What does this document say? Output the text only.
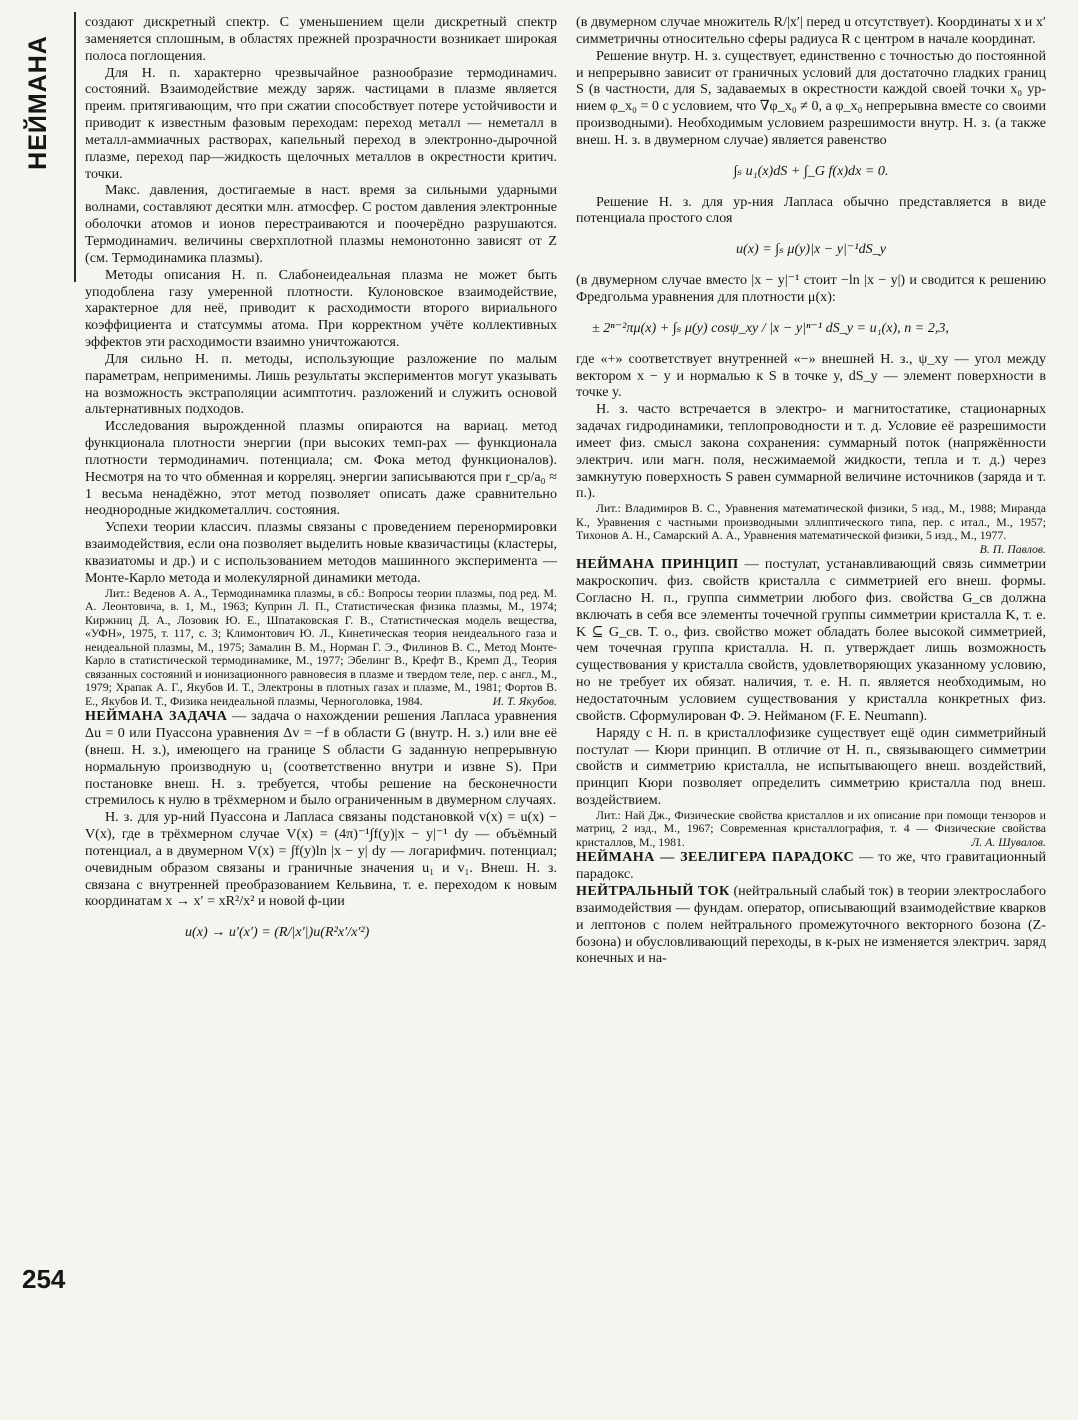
НЕЙМАНА
254

создают дискретный спектр. С уменьшением щели дискретный спектр заменяется сплошным, в областях прежней прозрачности возникает широкая полоса поглощения.

Для Н. п. характерно чрезвычайное разнообразие термодинамич. состояний. Взаимодействие между заряж. частицами в плазме является преим. притягивающим, что при сжатии способствует потере устойчивости и приводит к известным фазовым переходам: переход металл — неметалл в металл-аммиачных растворах, капельный переход в электронно-дырочной плазме, переход пар—жидкость щелочных металлов в окрестности критич. точки.

Макс. давления, достигаемые в наст. время за сильными ударными волнами, составляют десятки млн. атмосфер. С ростом давления электронные оболочки атомов и ионов перестраиваются и поочерёдно разрушаются. Термодинамич. величины сверхплотной плазмы немонотонно зависят от Z (см. Термодинамика плазмы).

Методы описания Н. п. Слабонеидеальная плазма не может быть уподоблена газу умеренной плотности. Кулоновское взаимодействие, характерное для неё, приводит к расходимости второго вириального коэффициента и статсуммы атома. При корректном учёте коллективных эффектов эти расходимости взаимно уничтожаются.

Для сильно Н. п. методы, использующие разложение по малым параметрам, неприменимы. Лишь результаты экспериментов могут указывать на возможность экстраполяции асимптотич. разложений и служить основой альтернативных подходов.

Исследования вырожденной плазмы опираются на вариац. метод функционала плотности энергии (при высоких темп-рах — функционала плотности термодинамич. потенциала; см. Фока метод функционалов). Несмотря на то что обменная и корреляц. энергии записываются при r_ср/a₀ ≈ 1 весьма ненадёжно, этот метод позволяет описать даже сравнительно неоднородные жидкометаллич. состояния.

Успехи теории классич. плазмы связаны с проведением перенормировки взаимодействия, если она позволяет выделить новые квазичастицы (кластеры, квазиатомы и др.) и с использованием методов машинного эксперимента — Монте-Карло метода и молекулярной динамики метода.

Лит.: Веденов А. А., Термодинамика плазмы, в сб.: Вопросы теории плазмы, под ред. М. А. Леонтовича, в. 1, М., 1963; Куприн Л. П., Статистическая физика плазмы, М., 1974; Киржниц Д. А., Лозовик Ю. Е., Шпатаковская Г. В., Статистическая модель вещества, «УФН», 1975, т. 117, с. 3; Климонтович Ю. Л., Кинетическая теория неидеального газа и неидеальной плазмы, М., 1975; Замалин В. М., Норман Г. Э., Филинов В. С., Метод Монте-Карло в статистической термодинамике, М., 1977; Эбелинг В., Крефт В., Кремп Д., Теория связанных состояний и ионизационного равновесия в плазме и твердом теле, пер. с англ., М., 1979; Храпак А. Г., Якубов И. Т., Электроны в плотных газах и плазме, М., 1981; Фортов В. Е., Якубов И. Т., Физика неидеальной плазмы, Черноголовка, 1984.	И. Т. Якубов.

НЕЙМАНА ЗАДАЧА — задача о нахождении решения Лапласа уравнения Δu = 0 или Пуассона уравнения Δv = −f в области G (внутр. Н. з.) или вне её (внеш. Н. з.), имеющего на границе S области G заданную непрерывную нормальную производную u₁ (соответственно внутри и извне S). При постановке внеш. Н. з. требуется, чтобы решение на бесконечности стремилось к нулю в трёхмерном и было ограниченным в двумерном случаях.

Н. з. для ур-ний Пуассона и Лапласа связаны подстановкой v(x) = u(x) − V(x), где в трёхмерном случае V(x) = (4π)⁻¹∫f(y)|x − y|⁻¹ dy — объёмный потенциал, а в двумерном V(x) = ∫f(y)ln |x − y| dy — логарифмич. потенциал; очевидным образом связаны и граничные значения u₁ и v₁. Внеш. Н. з. связана с внутренней преобразованием Кельвина, т. е. переходом к новым координатам x → x′ = xR²/x² и новой ф-ции

u(x) → u′(x′) = (R/|x′|)u(R²x′/x′²)

(в двумерном случае множитель R/|x′| перед u отсутствует). Координаты x и x′ симметричны относительно сферы радиуса R с центром в начале координат.

Решение внутр. Н. з. существует, единственно с точностью до постоянной и непрерывно зависит от граничных условий для достаточно гладких границ S (в частности, для S, задаваемых в окрестности каждой своей точки x₀ ур-нием φ_x₀ = 0 с условием, что ∇φ_x₀ ≠ 0, а φ_x₀ непрерывна вместе со своими производными). Необходимым условием разрешимости внутр. Н. з. (а также внеш. Н. з. в двумерном случае) является равенство

∫ₛ u₁(x)dS + ∫_G f(x)dx = 0.

Решение Н. з. для ур-ния Лапласа обычно представляется в виде потенциала простого слоя

u(x) = ∫ₛ μ(y)|x − y|⁻¹dS_y

(в двумерном случае вместо |x − y|⁻¹ стоит −ln |x − y|) и сводится к решению Фредгольма уравнения для плотности μ(x):

± 2ⁿ⁻²πμ(x) + ∫ₛ μ(y) cosψ_xy / |x − y|ⁿ⁻¹ dS_y = u₁(x), n = 2,3,

где «+» соответствует внутренней «−» внешней Н. з., ψ_xy — угол между вектором x − y и нормалью к S в точке y, dS_y — элемент поверхности в точке y.

Н. з. часто встречается в электро- и магнитостатике, стационарных задачах гидродинамики, теплопроводности и т. д. Условие её разрешимости имеет физ. смысл закона сохранения: суммарный поток (напряжённости электрич. или магн. поля, несжимаемой жидкости, тепла и т. д.) через замкнутую поверхность S равен суммарной величине источников (заряда и т. п.).

Лит.: Владимиров В. С., Уравнения математической физики, 5 изд., М., 1988; Миранда К., Уравнения с частными производными эллиптического типа, пер. с итал., М., 1957; Тихонов А. Н., Самарский А. А., Уравнения математической физики, 5 изд., М., 1977.
В. П. Павлов.

НЕЙМАНА ПРИНЦИП — постулат, устанавливающий связь симметрии макроскопич. физ. свойств кристалла с симметрией его внеш. формы. Согласно Н. п., группа симметрии любого физ. свойства G_св должна включать в себя все элементы точечной группы симметрии кристалла K, т. е. K ⊆ G_св. Т. о., физ. свойство может обладать более высокой симметрией, чем точечная группа кристалла. Н. п. утверждает лишь возможность существования у кристалла свойств, удовлетворяющих указанному условию, но не требует их обязат. наличия, т. е. Н. п. является необходимым, но недостаточным условием существования у кристалла конкретных физ. свойств. Сформулирован Ф. Э. Нейманом (F. E. Neumann).

Наряду с Н. п. в кристаллофизике существует ещё один симметрийный постулат — Кюри принцип. В отличие от Н. п., связывающего симметрии свойств и симметрию кристалла, не испытывающего внеш. воздействий, принцип Кюри позволяет определить симметрию кристалла под внеш. воздействием.

Лит.: Най Дж., Физические свойства кристаллов и их описание при помощи тензоров и матриц, 2 изд., М., 1967; Современная кристаллография, т. 4 — Физические свойства кристаллов, М., 1981.	Л. А. Шувалов.

НЕЙМАНА — ЗЕЕЛИГЕРА ПАРАДОКС — то же, что гравитационный парадокс.

НЕЙТРАЛЬНЫЙ ТОК (нейтральный слабый ток) в теории электрослабого взаимодействия — фундам. оператор, описывающий взаимодействие кварков и лептонов с полем нейтрального промежуточного векторного бозона (Z-бозона) и обусловливающий переходы, в к-рых не изменяется электрич. заряд конечных и на-
